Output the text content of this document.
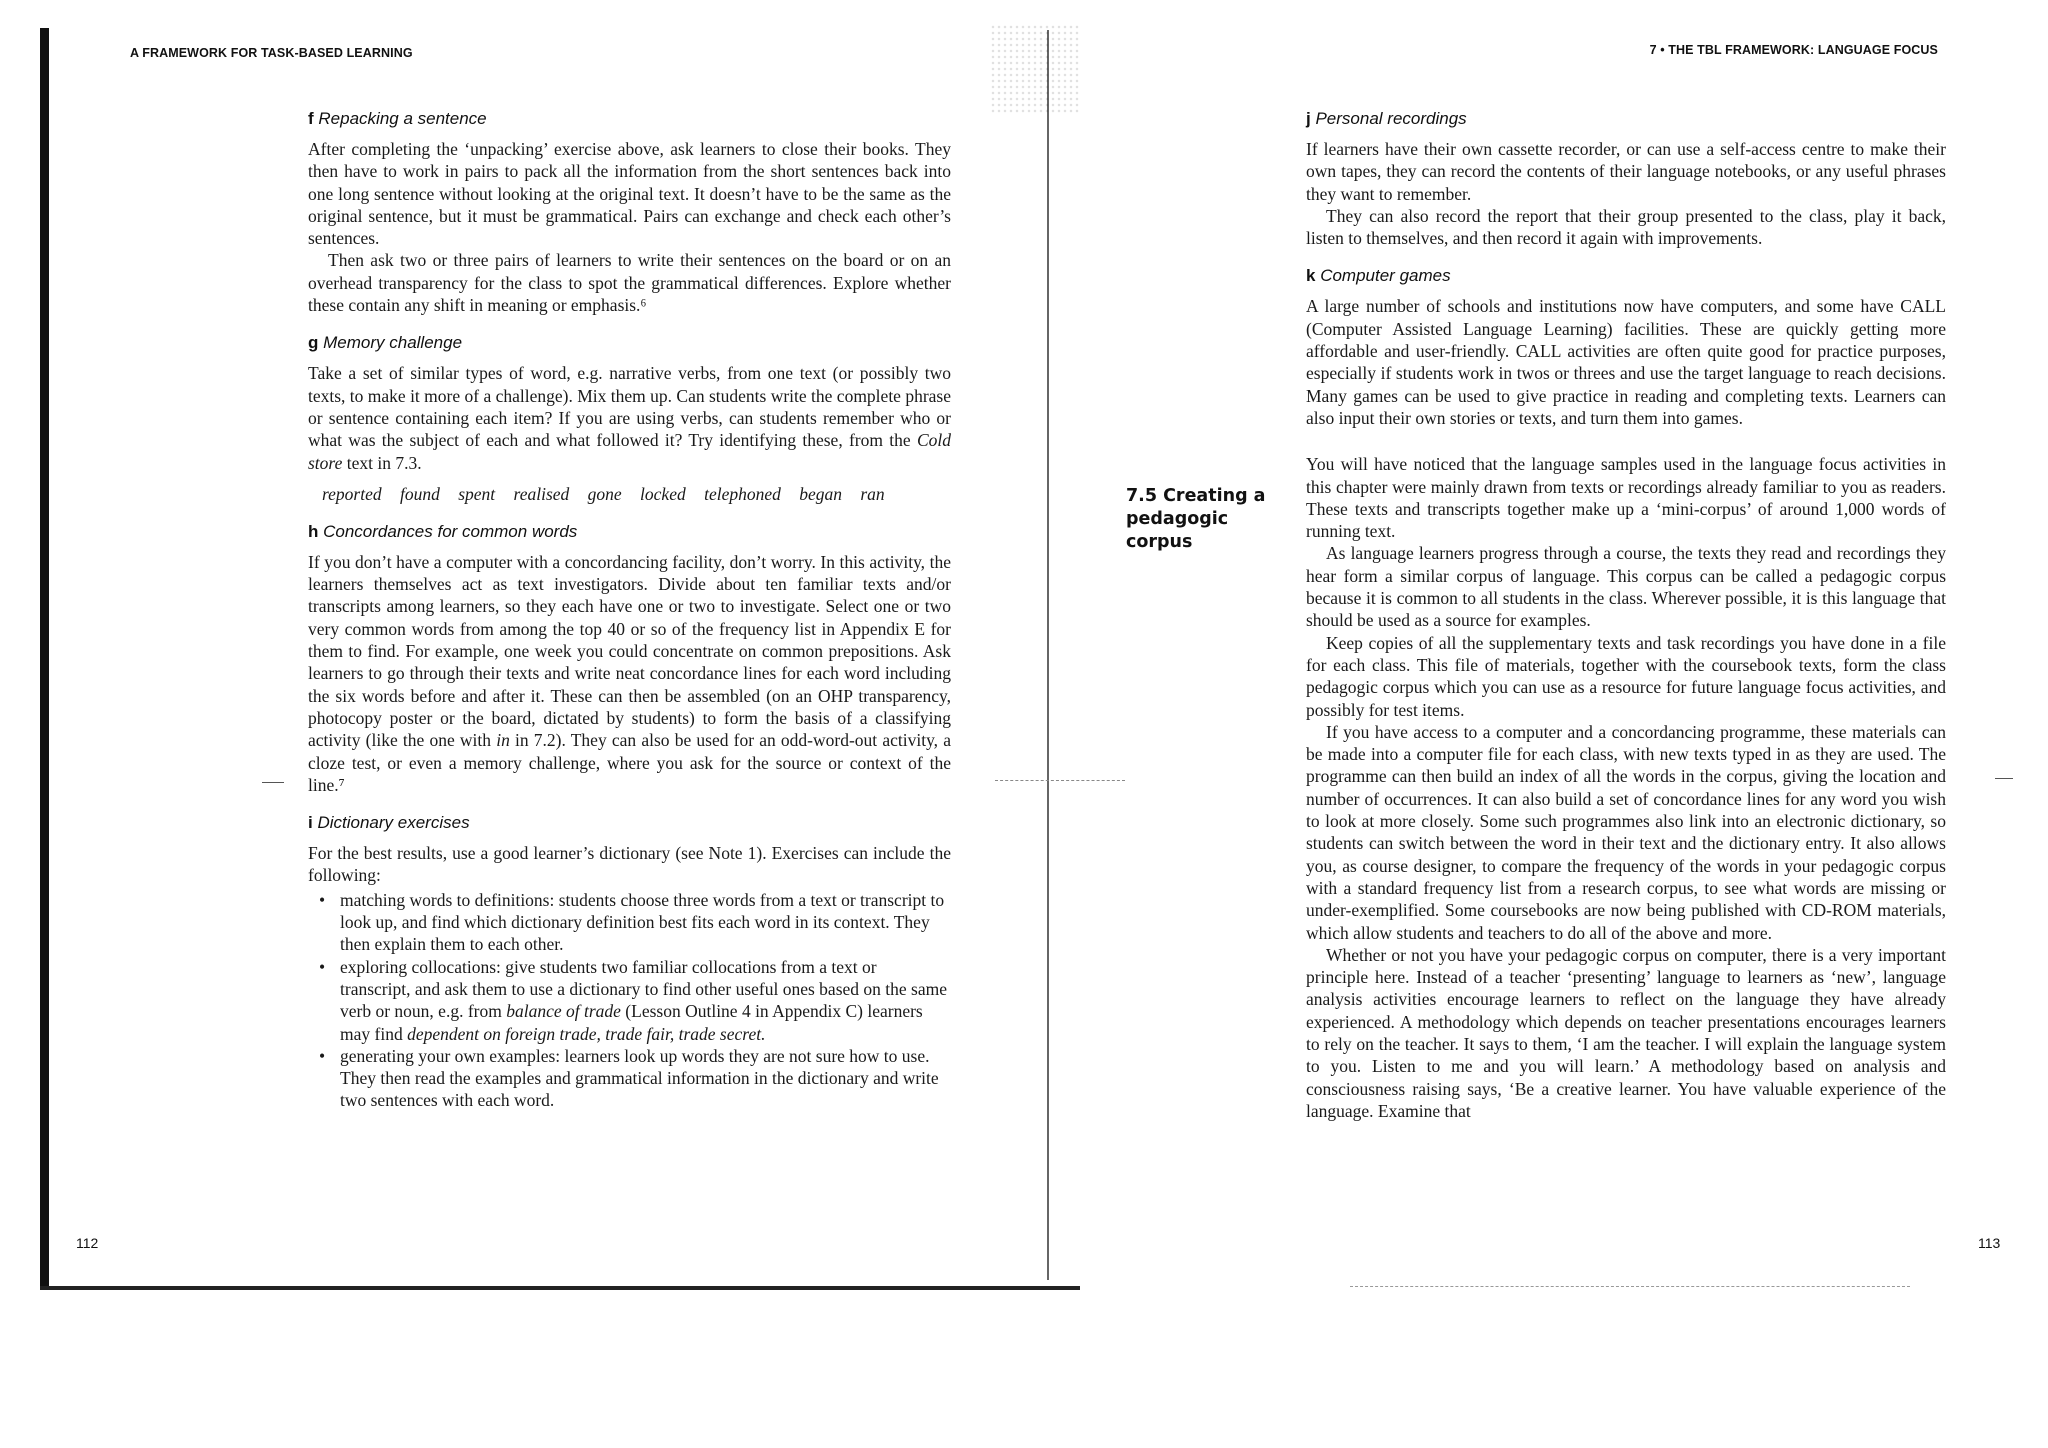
A FRAMEWORK FOR TASK-BASED LEARNING
f Repacking a sentence

After completing the ‘unpacking’ exercise above, ask learners to close their books. They then have to work in pairs to pack all the information from the short sentences back into one long sentence without looking at the original text. It doesn’t have to be the same as the original sentence, but it must be grammatical. Pairs can exchange and check each other’s sentences.

Then ask two or three pairs of learners to write their sentences on the board or on an overhead transparency for the class to spot the grammatical differences. Explore whether these contain any shift in meaning or emphasis.⁶

g Memory challenge

Take a set of similar types of word, e.g. narrative verbs, from one text (or possibly two texts, to make it more of a challenge). Mix them up. Can students write the complete phrase or sentence containing each item? If you are using verbs, can students remember who or what was the subject of each and what followed it? Try identifying these, from the Cold store text in 7.3.

reported found spent realised gone locked telephoned began ran
h Concordances for common words

If you don’t have a computer with a concordancing facility, don’t worry. In this activity, the learners themselves act as text investigators. Divide about ten familiar texts and/or transcripts among learners, so they each have one or two to investigate. Select one or two very common words from among the top 40 or so of the frequency list in Appendix E for them to find. For example, one week you could concentrate on common prepositions. Ask learners to go through their texts and write neat concordance lines for each word including the six words before and after it. These can then be assembled (on an OHP transparency, photocopy poster or the board, dictated by students) to form the basis of a classifying activity (like the one with in in 7.2). They can also be used for an odd-word-out activity, a cloze test, or even a memory challenge, where you ask for the source or context of the line.⁷

i Dictionary exercises

For the best results, use a good learner’s dictionary (see Note 1). Exercises can include the following:

• matching words to definitions: students choose three words from a text or transcript to look up, and find which dictionary definition best fits each word in its context. They then explain them to each other.
• exploring collocations: give students two familiar collocations from a text or transcript, and ask them to use a dictionary to find other useful ones based on the same verb or noun, e.g. from balance of trade (Lesson Outline 4 in Appendix C) learners may find dependent on foreign trade, trade fair, trade secret.
• generating your own examples: learners look up words they are not sure how to use. They then read the examples and grammatical information in the dictionary and write two sentences with each word.
112
7 • THE TBL FRAMEWORK: LANGUAGE FOCUS
7.5 Creating a pedagogic corpus
j Personal recordings

If learners have their own cassette recorder, or can use a self-access centre to make their own tapes, they can record the contents of their language notebooks, or any useful phrases they want to remember.

They can also record the report that their group presented to the class, play it back, listen to themselves, and then record it again with improvements.

k Computer games

A large number of schools and institutions now have computers, and some have CALL (Computer Assisted Language Learning) facilities. These are quickly getting more affordable and user-friendly. CALL activities are often quite good for practice purposes, especially if students work in twos or threes and use the target language to reach decisions. Many games can be used to give practice in reading and completing texts. Learners can also input their own stories or texts, and turn them into games.

You will have noticed that the language samples used in the language focus activities in this chapter were mainly drawn from texts or recordings already familiar to you as readers. These texts and transcripts together make up a ‘mini-corpus’ of around 1,000 words of running text.

As language learners progress through a course, the texts they read and recordings they hear form a similar corpus of language. This corpus can be called a pedagogic corpus because it is common to all students in the class. Wherever possible, it is this language that should be used as a source for examples.

Keep copies of all the supplementary texts and task recordings you have done in a file for each class. This file of materials, together with the coursebook texts, form the class pedagogic corpus which you can use as a resource for future language focus activities, and possibly for test items.

If you have access to a computer and a concordancing programme, these materials can be made into a computer file for each class, with new texts typed in as they are used. The programme can then build an index of all the words in the corpus, giving the location and number of occurrences. It can also build a set of concordance lines for any word you wish to look at more closely. Some such programmes also link into an electronic dictionary, so students can switch between the word in their text and the dictionary entry. It also allows you, as course designer, to compare the frequency of the words in your pedagogic corpus with a standard frequency list from a research corpus, to see what words are missing or under-exemplified. Some coursebooks are now being published with CD-ROM materials, which allow students and teachers to do all of the above and more.

Whether or not you have your pedagogic corpus on computer, there is a very important principle here. Instead of a teacher ‘presenting’ language to learners as ‘new’, language analysis activities encourage learners to reflect on the language they have already experienced. A methodology which depends on teacher presentations encourages learners to rely on the teacher. It says to them, ‘I am the teacher. I will explain the language system to you. Listen to me and you will learn.’ A methodology based on analysis and consciousness raising says, ‘Be a creative learner. You have valuable experience of the language. Examine that

113
